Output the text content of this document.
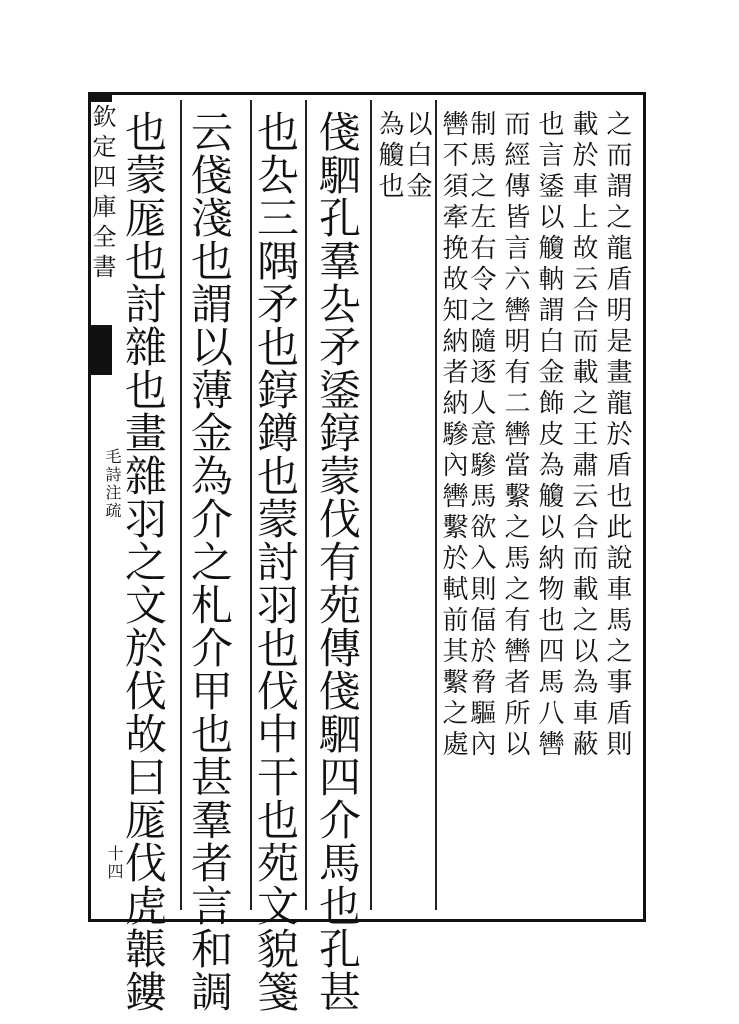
欽定四庫全書
毛詩注疏
十四
之而謂之龍盾明是畫龍於盾也此說車馬之事盾則
載於車上故云合而載之王肅云合而載之以為車蔽
也言鋈以觼軜謂白金飾皮為觼以納物也四馬八轡
而經傳皆言六轡明有二轡當繫之馬之有轡者所以
制馬之左右令之隨逐人意驂馬欲入則偪於脅驅內
轡不須牽挽故知納者納驂內轡繫於軾前其繫之處
以白金
為觼也
俴駟孔羣厹矛鋈錞蒙伐有苑傳俴駟四介馬也孔甚
也厹三隅矛也錞鐏也蒙討羽也伐中干也苑文貌箋
云俴淺也謂以薄金為介之札介甲也甚羣者言和調
也蒙厖也討雜也畫雜羽之文於伐故曰厖伐虎韔鏤
